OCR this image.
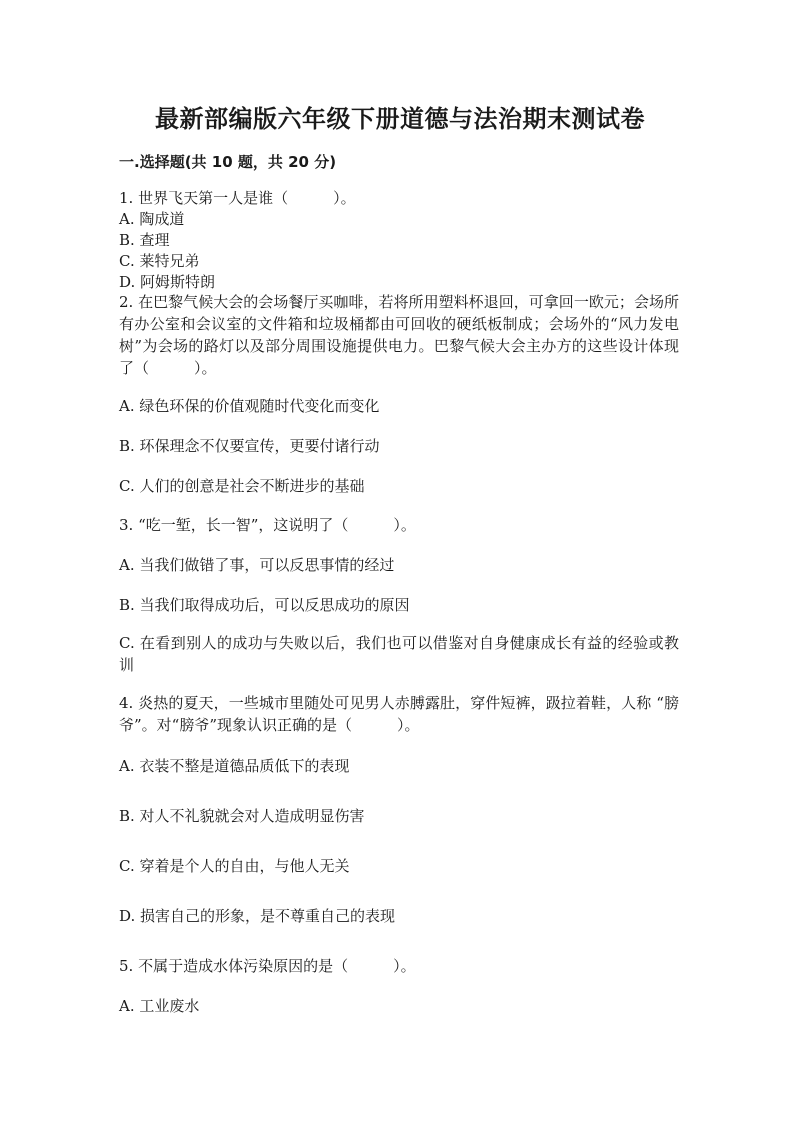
最新部编版六年级下册道德与法治期末测试卷
一.选择题(共 10 题，共 20 分)
1. 世界飞天第一人是谁（　　　）。
A. 陶成道
B. 查理
C. 莱特兄弟
D. 阿姆斯特朗
2. 在巴黎气候大会的会场餐厅买咖啡，若将所用塑料杯退回，可拿回一欧元；会场所有办公室和会议室的文件箱和垃圾桶都由可回收的硬纸板制成；会场外的“风力发电树”为会场的路灯以及部分周围设施提供电力。巴黎气候大会主办方的这些设计体现了（　　　）。
A. 绿色环保的价值观随时代变化而变化
B. 环保理念不仅要宣传，更要付诸行动
C. 人们的创意是社会不断进步的基础
3. “吃一堑，长一智”，这说明了（　　　）。
A. 当我们做错了事，可以反思事情的经过
B. 当我们取得成功后，可以反思成功的原因
C. 在看到别人的成功与失败以后，我们也可以借鉴对自身健康成长有益的经验或教训
4. 炎热的夏天，一些城市里随处可见男人赤膊露肚，穿件短裤，趿拉着鞋，人称 “膀爷”。对“膀爷”现象认识正确的是（　　　）。
A. 衣装不整是道德品质低下的表现
B. 对人不礼貌就会对人造成明显伤害
C. 穿着是个人的自由，与他人无关
D. 损害自己的形象，是不尊重自己的表现
5. 不属于造成水体污染原因的是（　　　）。
A. 工业废水
